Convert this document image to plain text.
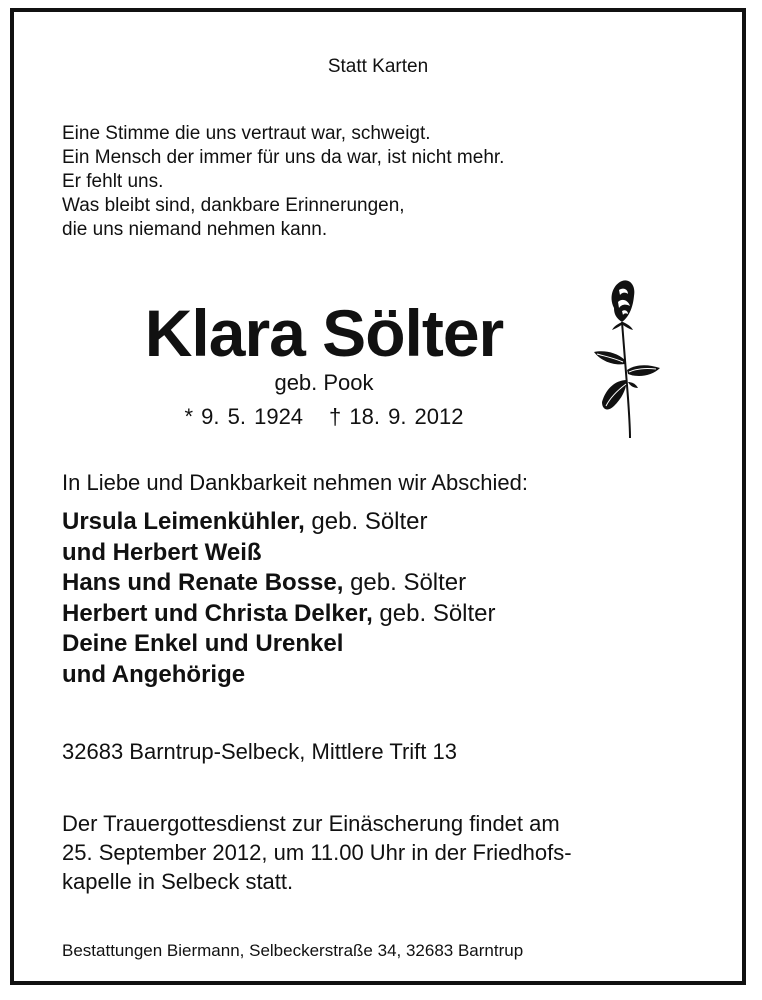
Statt Karten
Eine Stimme die uns vertraut war, schweigt.
Ein Mensch der immer für uns da war, ist nicht mehr.
Er fehlt uns.
Was bleibt sind, dankbare Erinnerungen,
die uns niemand nehmen kann.
Klara Sölter
geb. Pook
* 9. 5. 1924 † 18. 9. 2012
In Liebe und Dankbarkeit nehmen wir Abschied:
Ursula Leimenkühler, geb. Sölter
und Herbert Weiß
Hans und Renate Bosse, geb. Sölter
Herbert und Christa Delker, geb. Sölter
Deine Enkel und Urenkel
und Angehörige
32683 Barntrup-Selbeck, Mittlere Trift 13
Der Trauergottesdienst zur Einäscherung findet am
25. September 2012, um 11.00 Uhr in der Friedhofs-
kapelle in Selbeck statt.
Bestattungen Biermann, Selbeckerstraße 34, 32683 Barntrup
